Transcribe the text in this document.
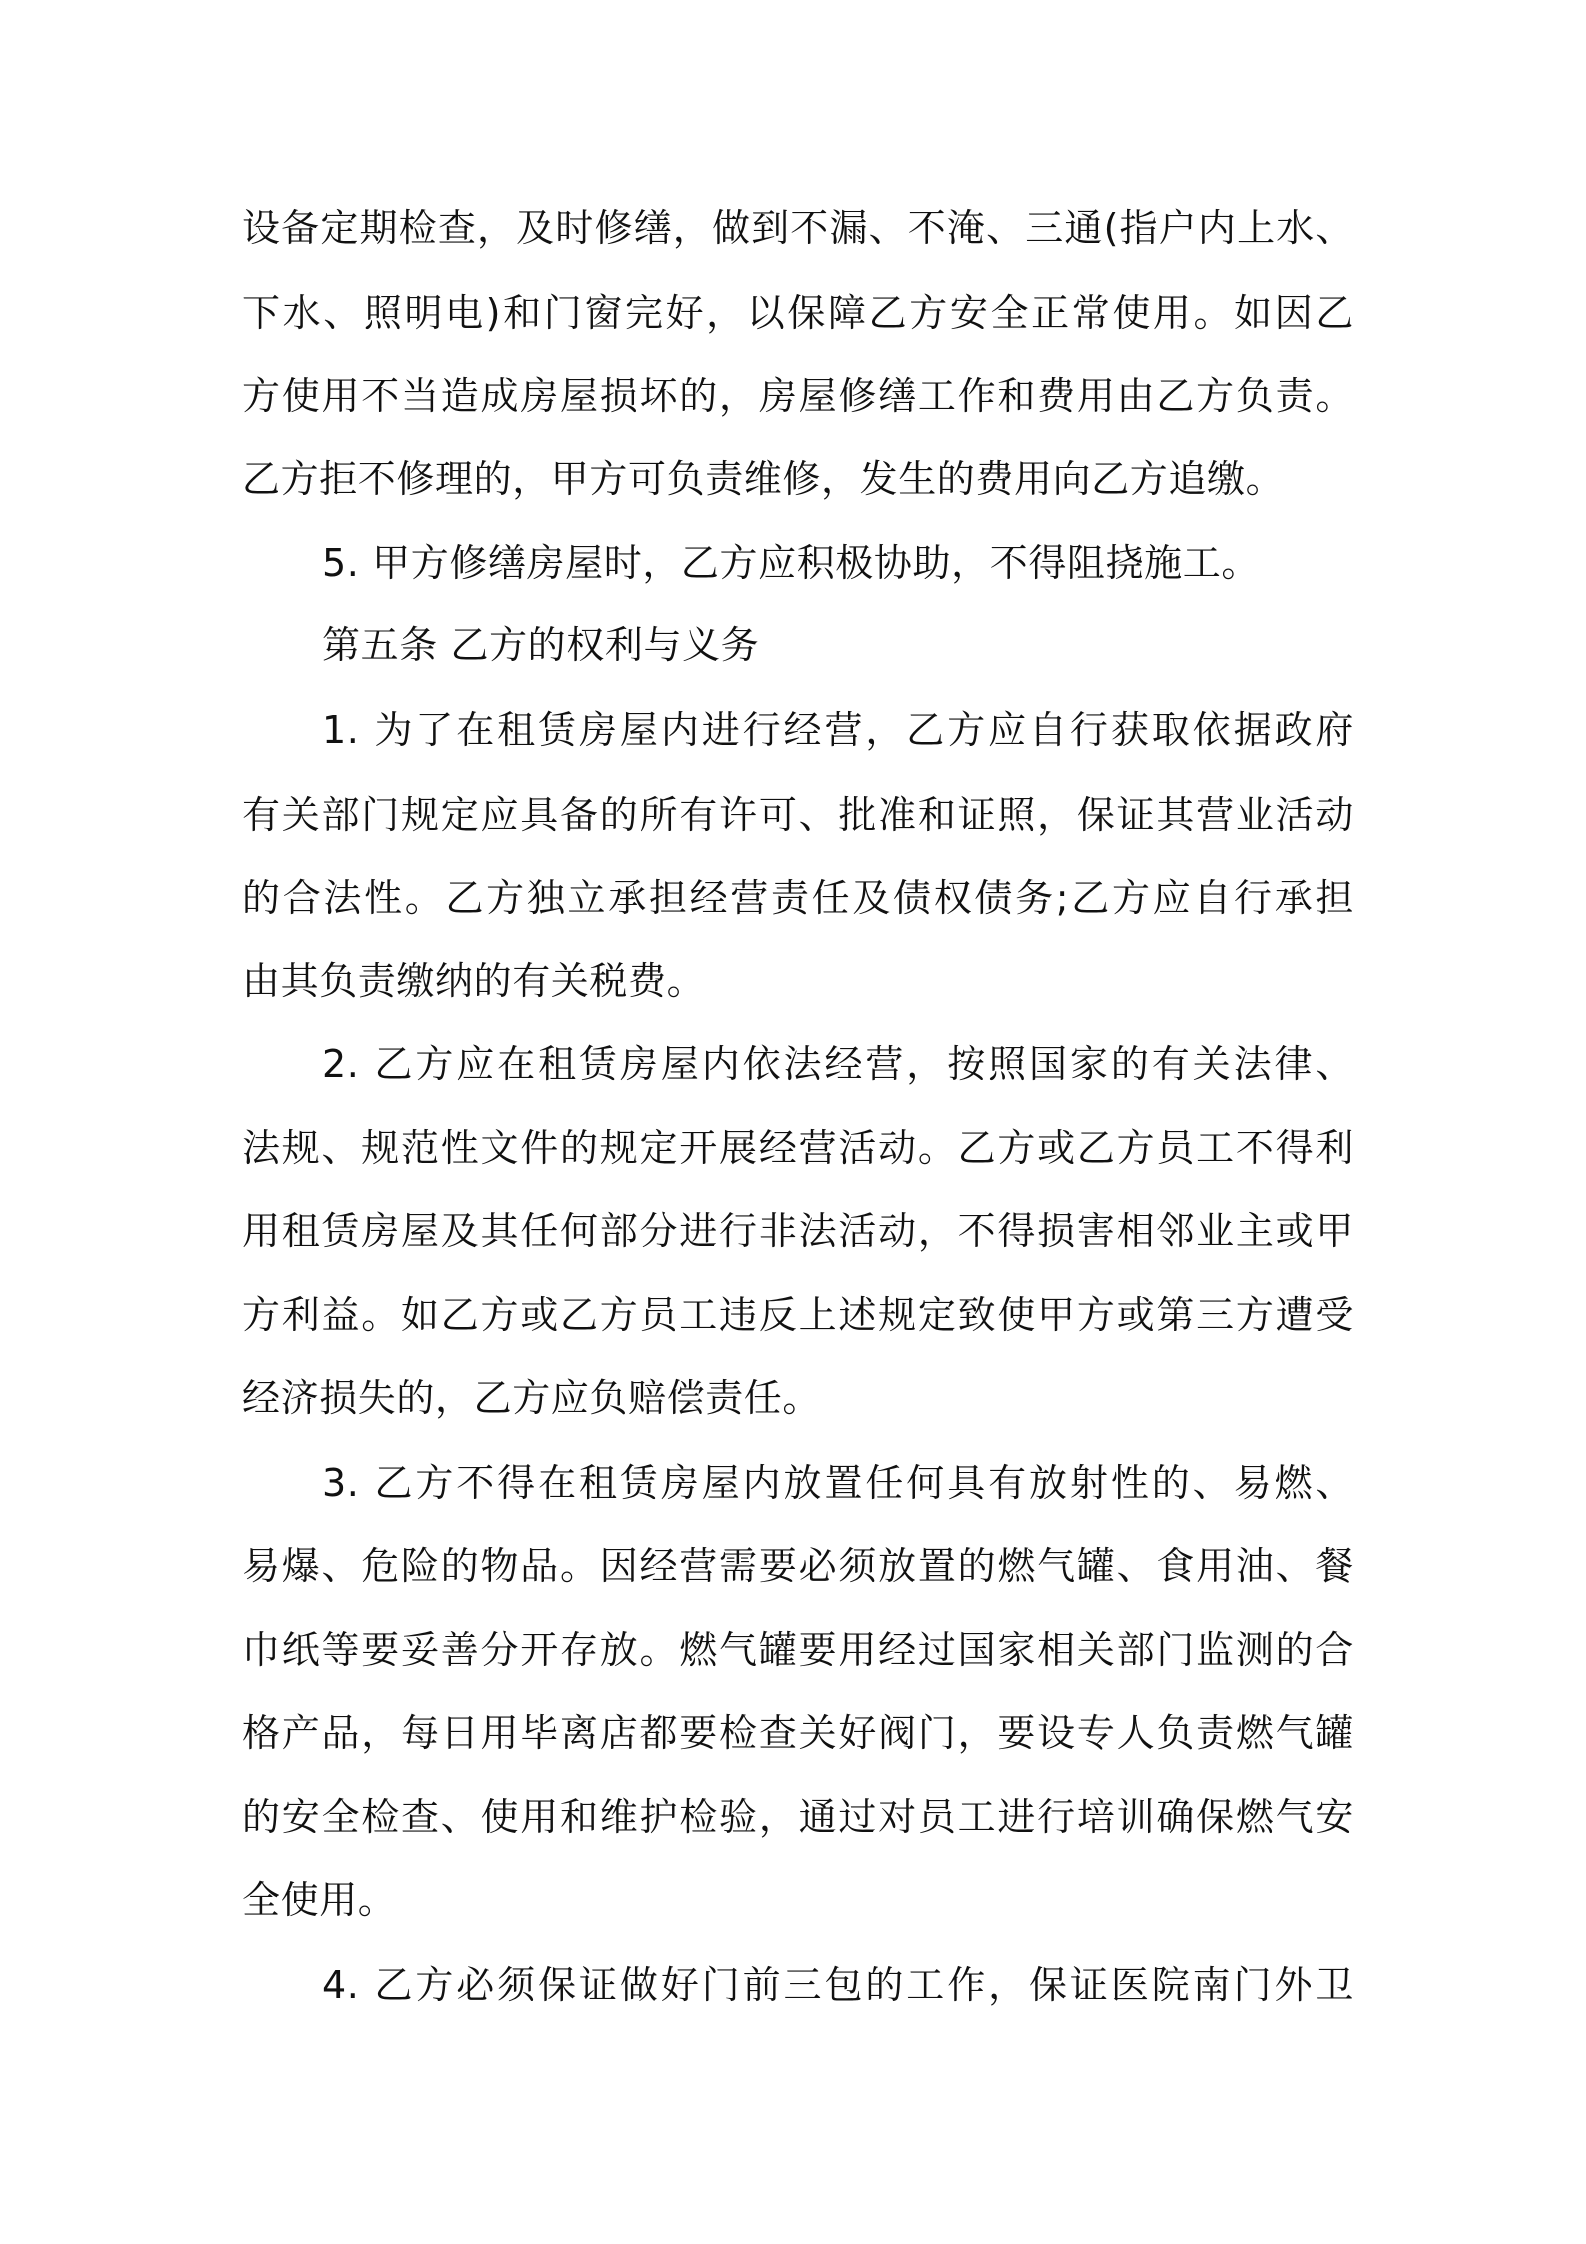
设备定期检查，及时修缮，做到不漏、不淹、三通(指户内上水、
下水、照明电)和门窗完好，以保障乙方安全正常使用。如因乙
方使用不当造成房屋损坏的，房屋修缮工作和费用由乙方负责。
乙方拒不修理的，甲方可负责维修，发生的费用向乙方追缴。
5. 甲方修缮房屋时，乙方应积极协助，不得阻挠施工。
第五条 乙方的权利与义务
1. 为了在租赁房屋内进行经营，乙方应自行获取依据政府
有关部门规定应具备的所有许可、批准和证照，保证其营业活动
的合法性。乙方独立承担经营责任及债权债务;乙方应自行承担
由其负责缴纳的有关税费。
2. 乙方应在租赁房屋内依法经营，按照国家的有关法律、
法规、规范性文件的规定开展经营活动。乙方或乙方员工不得利
用租赁房屋及其任何部分进行非法活动，不得损害相邻业主或甲
方利益。如乙方或乙方员工违反上述规定致使甲方或第三方遭受
经济损失的，乙方应负赔偿责任。
3. 乙方不得在租赁房屋内放置任何具有放射性的、易燃、
易爆、危险的物品。因经营需要必须放置的燃气罐、食用油、餐
巾纸等要妥善分开存放。燃气罐要用经过国家相关部门监测的合
格产品，每日用毕离店都要检查关好阀门，要设专人负责燃气罐
的安全检查、使用和维护检验，通过对员工进行培训确保燃气安
全使用。
4. 乙方必须保证做好门前三包的工作，保证医院南门外卫
